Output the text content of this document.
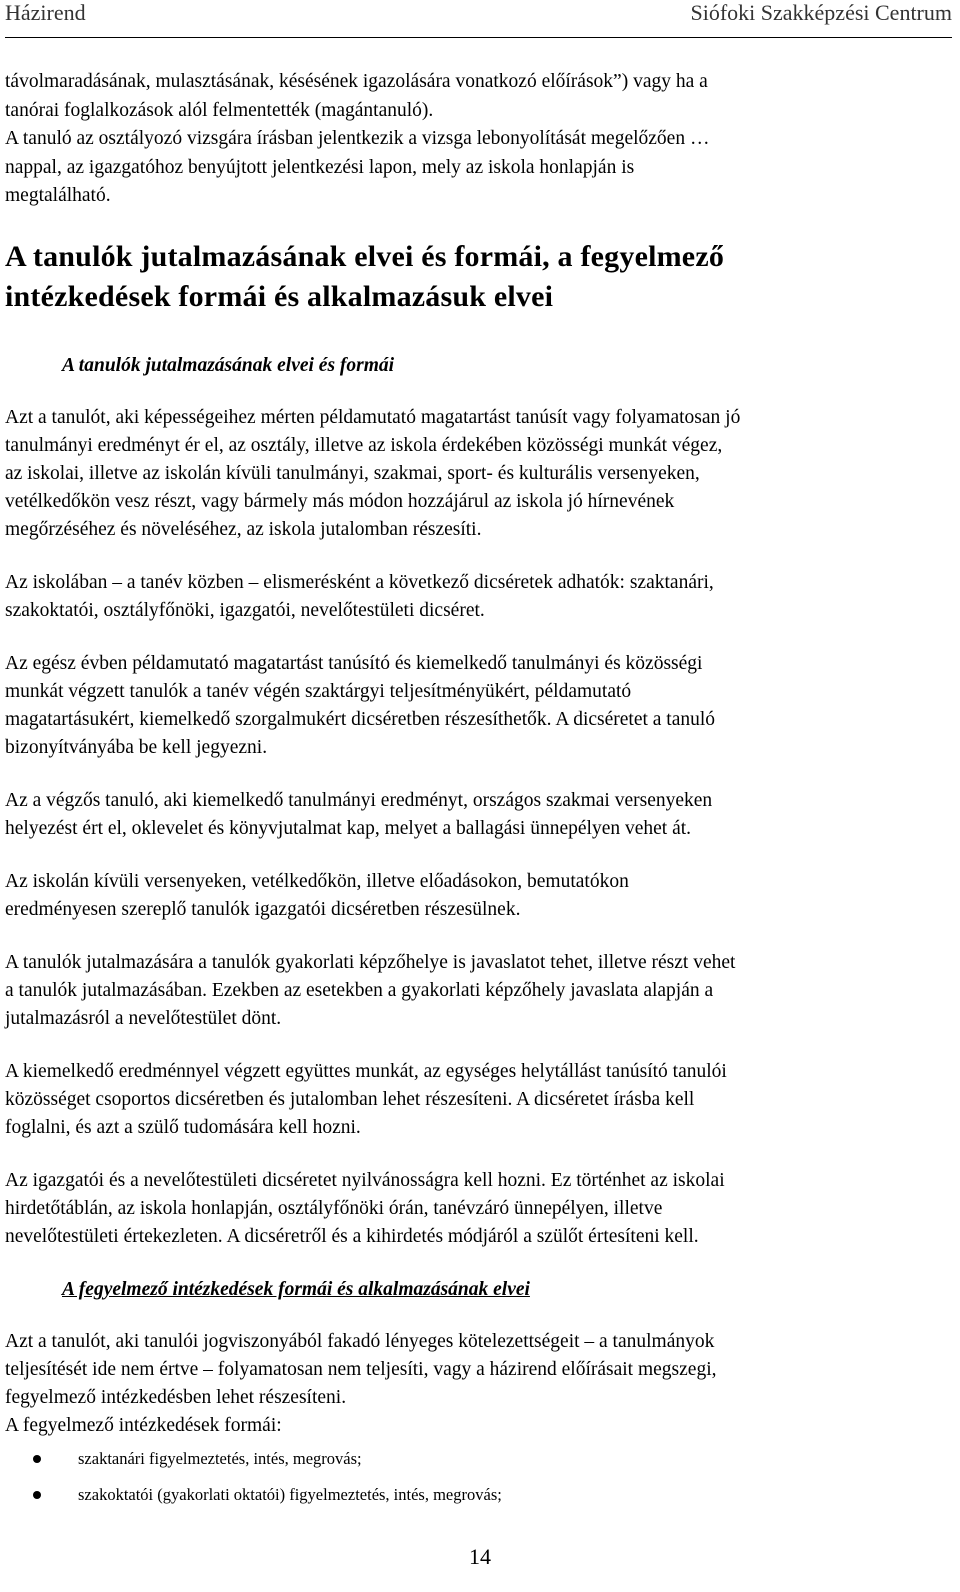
Házirend	Siófoki Szakképzési Centrum

távolmaradásának, mulasztásának, késésének igazolására vonatkozó előírások”) vagy ha a
tanórai foglalkozások alól felmentették (magántanuló).
A tanuló az osztályozó vizsgára írásban jelentkezik a vizsga lebonyolítását megelőzően …
nappal, az igazgatóhoz benyújtott jelentkezési lapon, mely az iskola honlapján is
megtalálható.

A tanulók jutalmazásának elvei és formái, a fegyelmező
intézkedések formái és alkalmazásuk elvei
A tanulók jutalmazásának elvei és formái

Azt a tanulót, aki képességeihez mérten példamutató magatartást tanúsít vagy folyamatosan jó
tanulmányi eredményt ér el, az osztály, illetve az iskola érdekében közösségi munkát végez,
az iskolai, illetve az iskolán kívüli tanulmányi, szakmai, sport- és kulturális versenyeken,
vetélkedőkön vesz részt, vagy bármely más módon hozzájárul az iskola jó hírnevének
megőrzéséhez és növeléséhez, az iskola jutalomban részesíti.

Az iskolában – a tanév közben – elismerésként a következő dicséretek adhatók: szaktanári,
szakoktatói, osztályfőnöki, igazgatói, nevelőtestületi dicséret.

Az egész évben példamutató magatartást tanúsító és kiemelkedő tanulmányi és közösségi
munkát végzett tanulók a tanév végén szaktárgyi teljesítményükért, példamutató
magatartásukért, kiemelkedő szorgalmukért dicséretben részesíthetők. A dicséretet a tanuló
bizonyítványába be kell jegyezni.

Az a végzős tanuló, aki kiemelkedő tanulmányi eredményt, országos szakmai versenyeken
helyezést ért el, oklevelet és könyvjutalmat kap, melyet a ballagási ünnepélyen vehet át.

Az iskolán kívüli versenyeken, vetélkedőkön, illetve előadásokon, bemutatókon
eredményesen szereplő tanulók igazgatói dicséretben részesülnek.

A tanulók jutalmazására a tanulók gyakorlati képzőhelye is javaslatot tehet, illetve részt vehet
a tanulók jutalmazásában. Ezekben az esetekben a gyakorlati képzőhely javaslata alapján a
jutalmazásról a nevelőtestület dönt.

A kiemelkedő eredménnyel végzett együttes munkát, az egységes helytállást tanúsító tanulói
közösséget csoportos dicséretben és jutalomban lehet részesíteni. A dicséretet írásba kell
foglalni, és azt a szülő tudomására kell hozni.

Az igazgatói és a nevelőtestületi dicséretet nyilvánosságra kell hozni. Ez történhet az iskolai
hirdetőtáblán, az iskola honlapján, osztályfőnöki órán, tanévzáró ünnepélyen, illetve
nevelőtestületi értekezleten. A dicséretről és a kihirdetés módjáról a szülőt értesíteni kell.

A fegyelmező intézkedések formái és alkalmazásának elvei

Azt a tanulót, aki tanulói jogviszonyából fakadó lényeges kötelezettségeit – a tanulmányok
teljesítését ide nem értve – folyamatosan nem teljesíti, vagy a házirend előírásait megszegi,
fegyelmező intézkedésben lehet részesíteni.
A fegyelmező intézkedések formái:

szaktanári figyelmeztetés, intés, megrovás;
szakoktatói (gyakorlati oktatói) figyelmeztetés, intés, megrovás;
14
